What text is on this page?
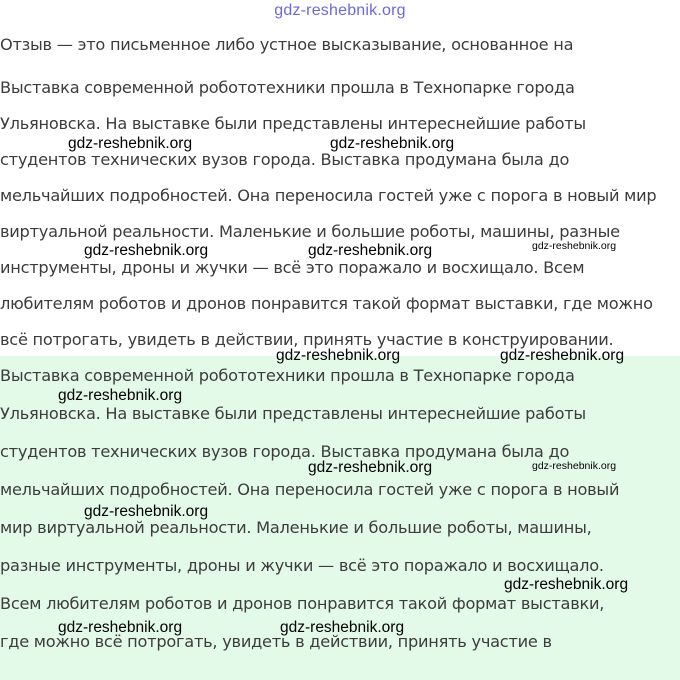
Отзыв — это письменное либо устное высказывание, основанное на
Выставка современной робототехники прошла в Технопарке города
Ульяновска. На выставке были представлены интереснейшие работы
студентов технических вузов города. Выставка продумана была до
мельчайших подробностей. Она переносила гостей уже с порога в новый мир
виртуальной реальности. Маленькие и большие роботы, машины, разные
инструменты, дроны и жучки — всё это поражало и восхищало. Всем
любителям роботов и дронов понравится такой формат выставки, где можно
всё потрогать, увидеть в действии, принять участие в конструировании.
Выставка современной робототехники прошла в Технопарке города
Ульяновска. На выставке были представлены интереснейшие работы
студентов технических вузов города. Выставка продумана была до
мельчайших подробностей. Она переносила гостей уже с порога в новый
мир виртуальной реальности. Маленькие и большие роботы, машины,
разные инструменты, дроны и жучки — всё это поражало и восхищало.
Всем любителям роботов и дронов понравится такой формат выставки,
где можно всё потрогать, увидеть в действии, принять участие в
gdz-reshebnik.org
gdz-reshebnik.org	gdz-reshebnik.org
gdz-reshebnik.org	gdz-reshebnik.org	gdz-reshebnik.org
gdz-reshebnik.org	gdz-reshebnik.org
gdz-reshebnik.org
gdz-reshebnik.org	gdz-reshebnik.org
gdz-reshebnik.org
gdz-reshebnik.org
gdz-reshebnik.org	gdz-reshebnik.org
